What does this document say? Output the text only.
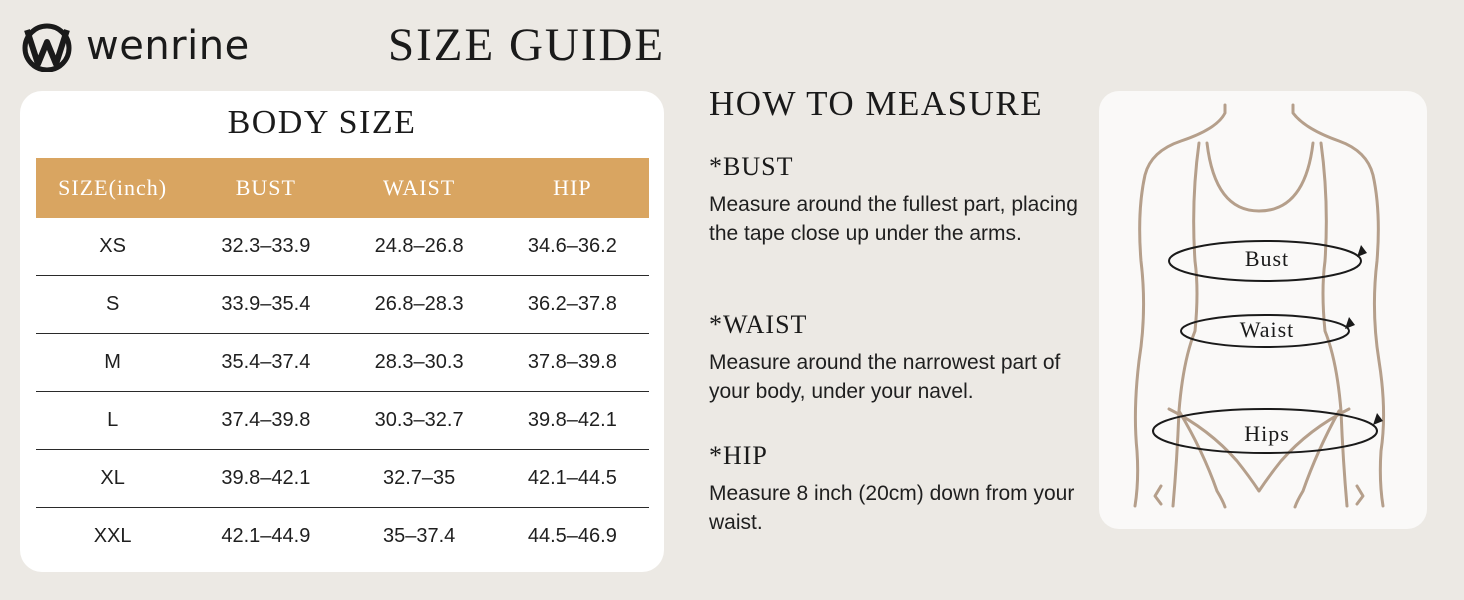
wenrine	SIZE GUIDE
BODY SIZE
SIZE(inch)	BUST	WAIST	HIP
XS	32.3–33.9	24.8–26.8	34.6–36.2
S	33.9–35.4	26.8–28.3	36.2–37.8
M	35.4–37.4	28.3–30.3	37.8–39.8
L	37.4–39.8	30.3–32.7	39.8–42.1
XL	39.8–42.1	32.7–35	42.1–44.5
XXL	42.1–44.9	35–37.4	44.5–46.9
HOW TO MEASURE

*BUST

Measure around the fullest part, placing the tape close up under the arms.

*WAIST

Measure around the narrowest part of your body, under your navel.

*HIP

Measure 8 inch (20cm) down from your waist.

Bust
Waist
Hips
